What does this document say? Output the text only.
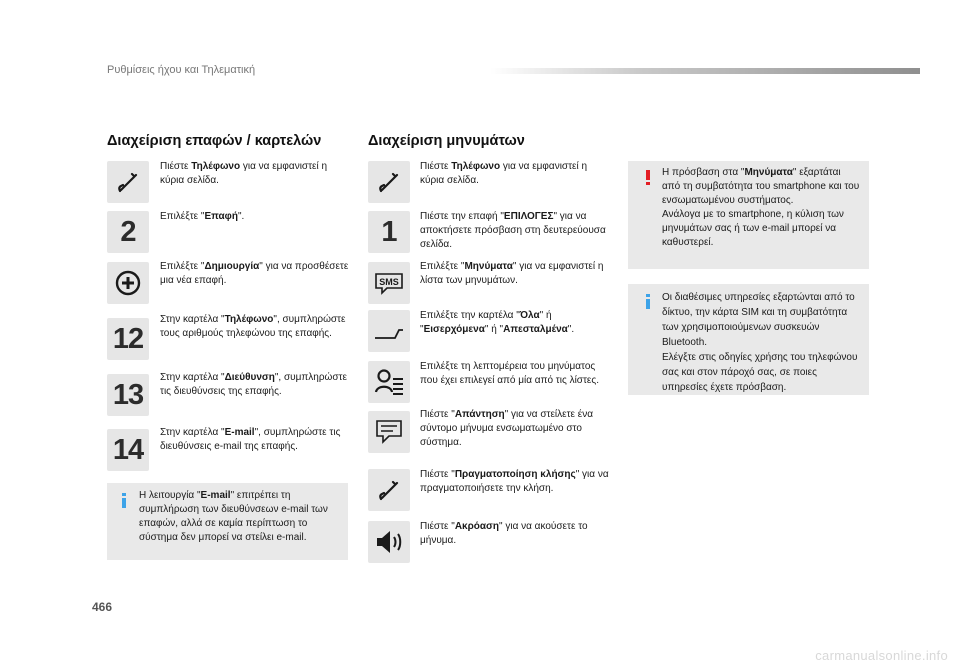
Ρυθμίσεις ήχου και Τηλεματική
Διαχείριση επαφών / καρτελών
Πιέστε Τηλέφωνο για να εμφανιστεί η κύρια σελίδα.
2 Επιλέξτε "Επαφή".
Επιλέξτε "Δημιουργία" για να προσθέσετε μια νέα επαφή.
12
Στην καρτέλα "Τηλέφωνο", συμπληρώστε τους αριθμούς τηλεφώνου της επαφής.
13
Στην καρτέλα "Διεύθυνση", συμπληρώστε τις διευθύνσεις της επαφής.
14
Στην καρτέλα "E-mail", συμπληρώστε τις διευθύνσεις e-mail της επαφής.
Η λειτουργία "E-mail" επιτρέπει τη συμπλήρωση των διευθύνσεων e-mail των επαφών, αλλά σε καμία περίπτωση το σύστημα δεν μπορεί να στείλει e-mail.
Διαχείριση μηνυμάτων
Πιέστε Τηλέφωνο για να εμφανιστεί η κύρια σελίδα.
1 Πιέστε την επαφή "ΕΠΙΛΟΓΕΣ" για να αποκτήσετε πρόσβαση στη δευτερεύουσα σελίδα.
SMS
Επιλέξτε "Μηνύματα" για να εμφανιστεί η λίστα των μηνυμάτων.
Επιλέξτε την καρτέλα "Όλα" ή "Εισερχόμενα" ή "Απεσταλμένα".
Επιλέξτε τη λεπτομέρεια του μηνύματος που έχει επιλεγεί από μία από τις λίστες.
Πιέστε "Απάντηση" για να στείλετε ένα σύντομο μήνυμα ενσωματωμένο στο σύστημα.
Πιέστε "Πραγματοποίηση κλήσης" για να πραγματοποιήσετε την κλήση.
Πιέστε "Ακρόαση" για να ακούσετε το μήνυμα.
Η πρόσβαση στα "Μηνύματα" εξαρτάται από τη συμβατότητα του smartphone και του ενσωματωμένου συστήματος.
Ανάλογα με το smartphone, η κύλιση των μηνυμάτων σας ή των e-mail μπορεί να καθυστερεί.
Οι διαθέσιμες υπηρεσίες εξαρτώνται από το δίκτυο, την κάρτα SIM και τη συμβατότητα των χρησιμοποιούμενων συσκευών Bluetooth.
Ελέγξτε στις οδηγίες χρήσης του τηλεφώνου σας και στον πάροχό σας, σε ποιες υπηρεσίες έχετε πρόσβαση.
466
carmanualsonline.info
